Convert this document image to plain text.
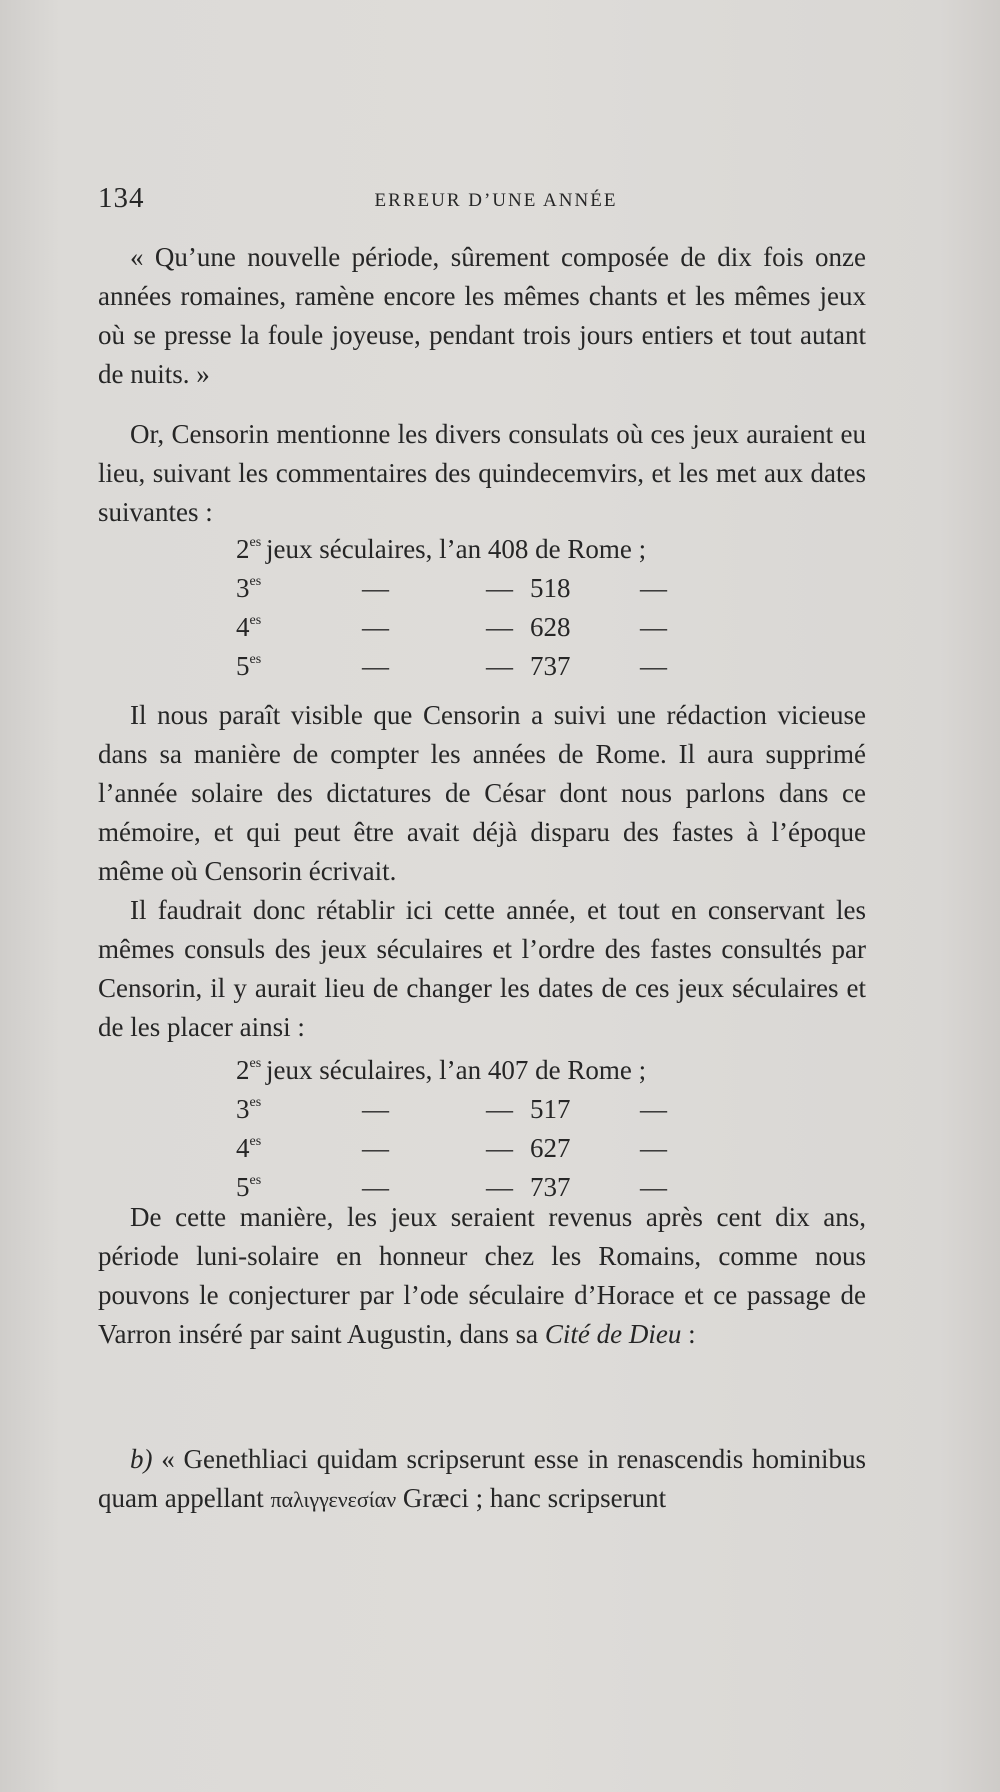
134	ERREUR D’UNE ANNÉE

« Qu’une nouvelle période, sûrement composée de dix fois onze années romaines, ramène encore les mêmes chants et les mêmes jeux où se presse la foule joyeuse, pendant trois jours entiers et tout autant de nuits. »

Or, Censorin mentionne les divers consulats où ces jeux auraient eu lieu, suivant les commentaires des quindecemvirs, et les met aux dates suivantes :

$2^{es}$ jeux séculaires, l’an 408 de Rome ;
$3^{es}$	—	— 518	—
$4^{es}$	—	— 628	—
$5^{es}$	—	— 737	—

Il nous paraît visible que Censorin a suivi une rédaction vicieuse dans sa manière de compter les années de Rome. Il aura supprimé l’année solaire des dictatures de César dont nous parlons dans ce mémoire, et qui peut être avait déjà disparu des fastes à l’époque même où Censorin écrivait.

Il faudrait donc rétablir ici cette année, et tout en conservant les mêmes consuls des jeux séculaires et l’ordre des fastes consultés par Censorin, il y aurait lieu de changer les dates de ces jeux séculaires et de les placer ainsi :

$2^{es}$ jeux séculaires, l’an 407 de Rome ;
$3^{es}$	—	— 517	—
$4^{es}$	—	— 627	—
$5^{es}$	—	— 737	—

De cette manière, les jeux seraient revenus après cent dix ans, période luni-solaire en honneur chez les Romains, comme nous pouvons le conjecturer par l’ode séculaire d’Horace et ce passage de Varron inséré par saint Augustin, dans sa Cité de Dieu :

b) « Genethliaci quidam scripserunt esse in renascendis hominibus quam appellant παλιγγενεσίαν Græci ; hanc scripserunt
